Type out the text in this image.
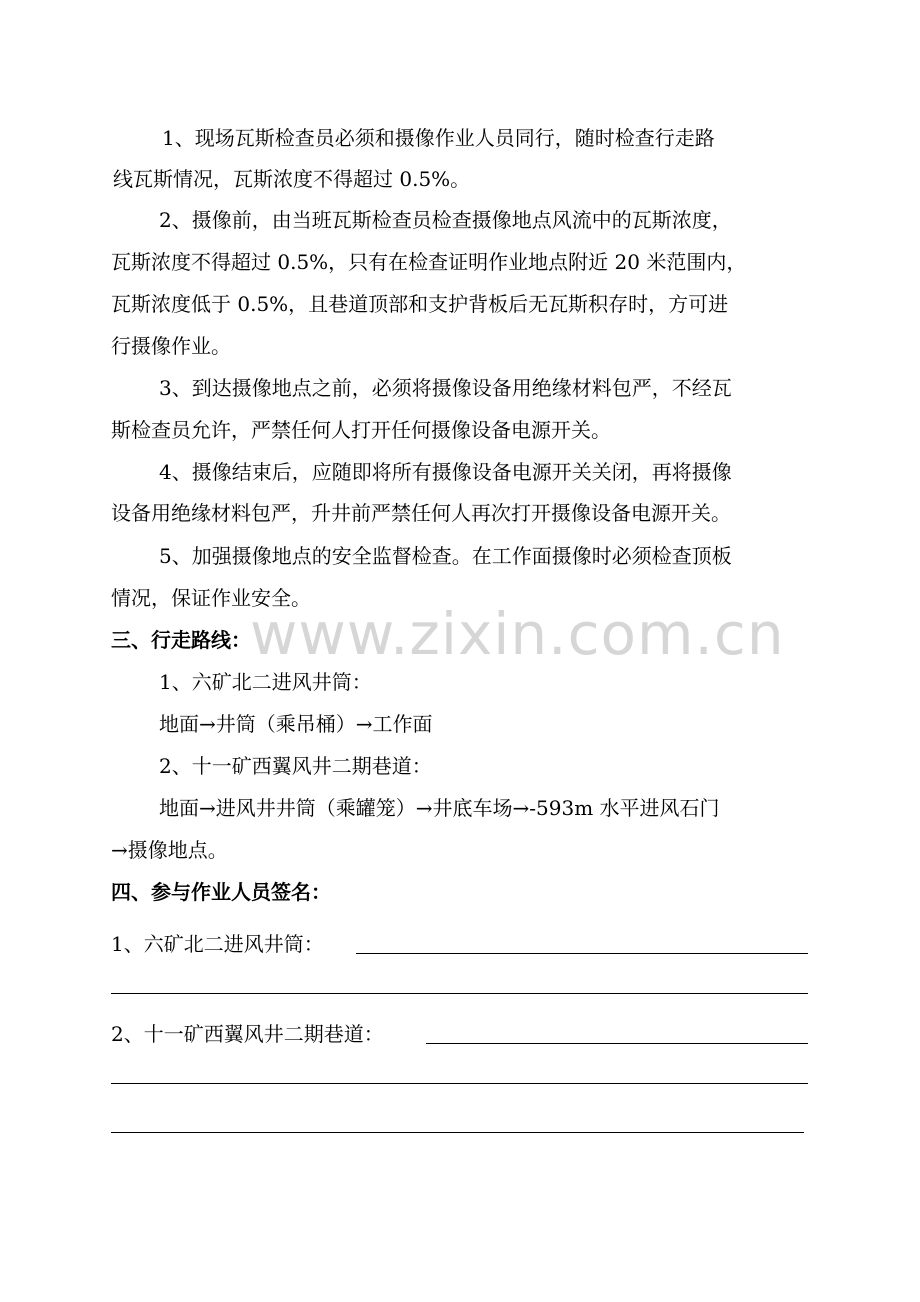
www.zixin.com.cn
1、现场瓦斯检查员必须和摄像作业人员同行，随时检查行走路
线瓦斯情况，瓦斯浓度不得超过 0.5%。
2、摄像前，由当班瓦斯检查员检查摄像地点风流中的瓦斯浓度，
瓦斯浓度不得超过 0.5%，只有在检查证明作业地点附近 20 米范围内，
瓦斯浓度低于 0.5%，且巷道顶部和支护背板后无瓦斯积存时，方可进
行摄像作业。
3、到达摄像地点之前，必须将摄像设备用绝缘材料包严，不经瓦
斯检查员允许，严禁任何人打开任何摄像设备电源开关。
4、摄像结束后，应随即将所有摄像设备电源开关关闭，再将摄像
设备用绝缘材料包严，升井前严禁任何人再次打开摄像设备电源开关。
5、加强摄像地点的安全监督检查。在工作面摄像时必须检查顶板
情况，保证作业安全。
三、行走路线：
1、六矿北二进风井筒：
地面→井筒（乘吊桶）→工作面
2、十一矿西翼风井二期巷道：
地面→进风井井筒（乘罐笼）→井底车场→-593m 水平进风石门
→摄像地点。
四、参与作业人员签名：
1、六矿北二进风井筒：
2、十一矿西翼风井二期巷道：
